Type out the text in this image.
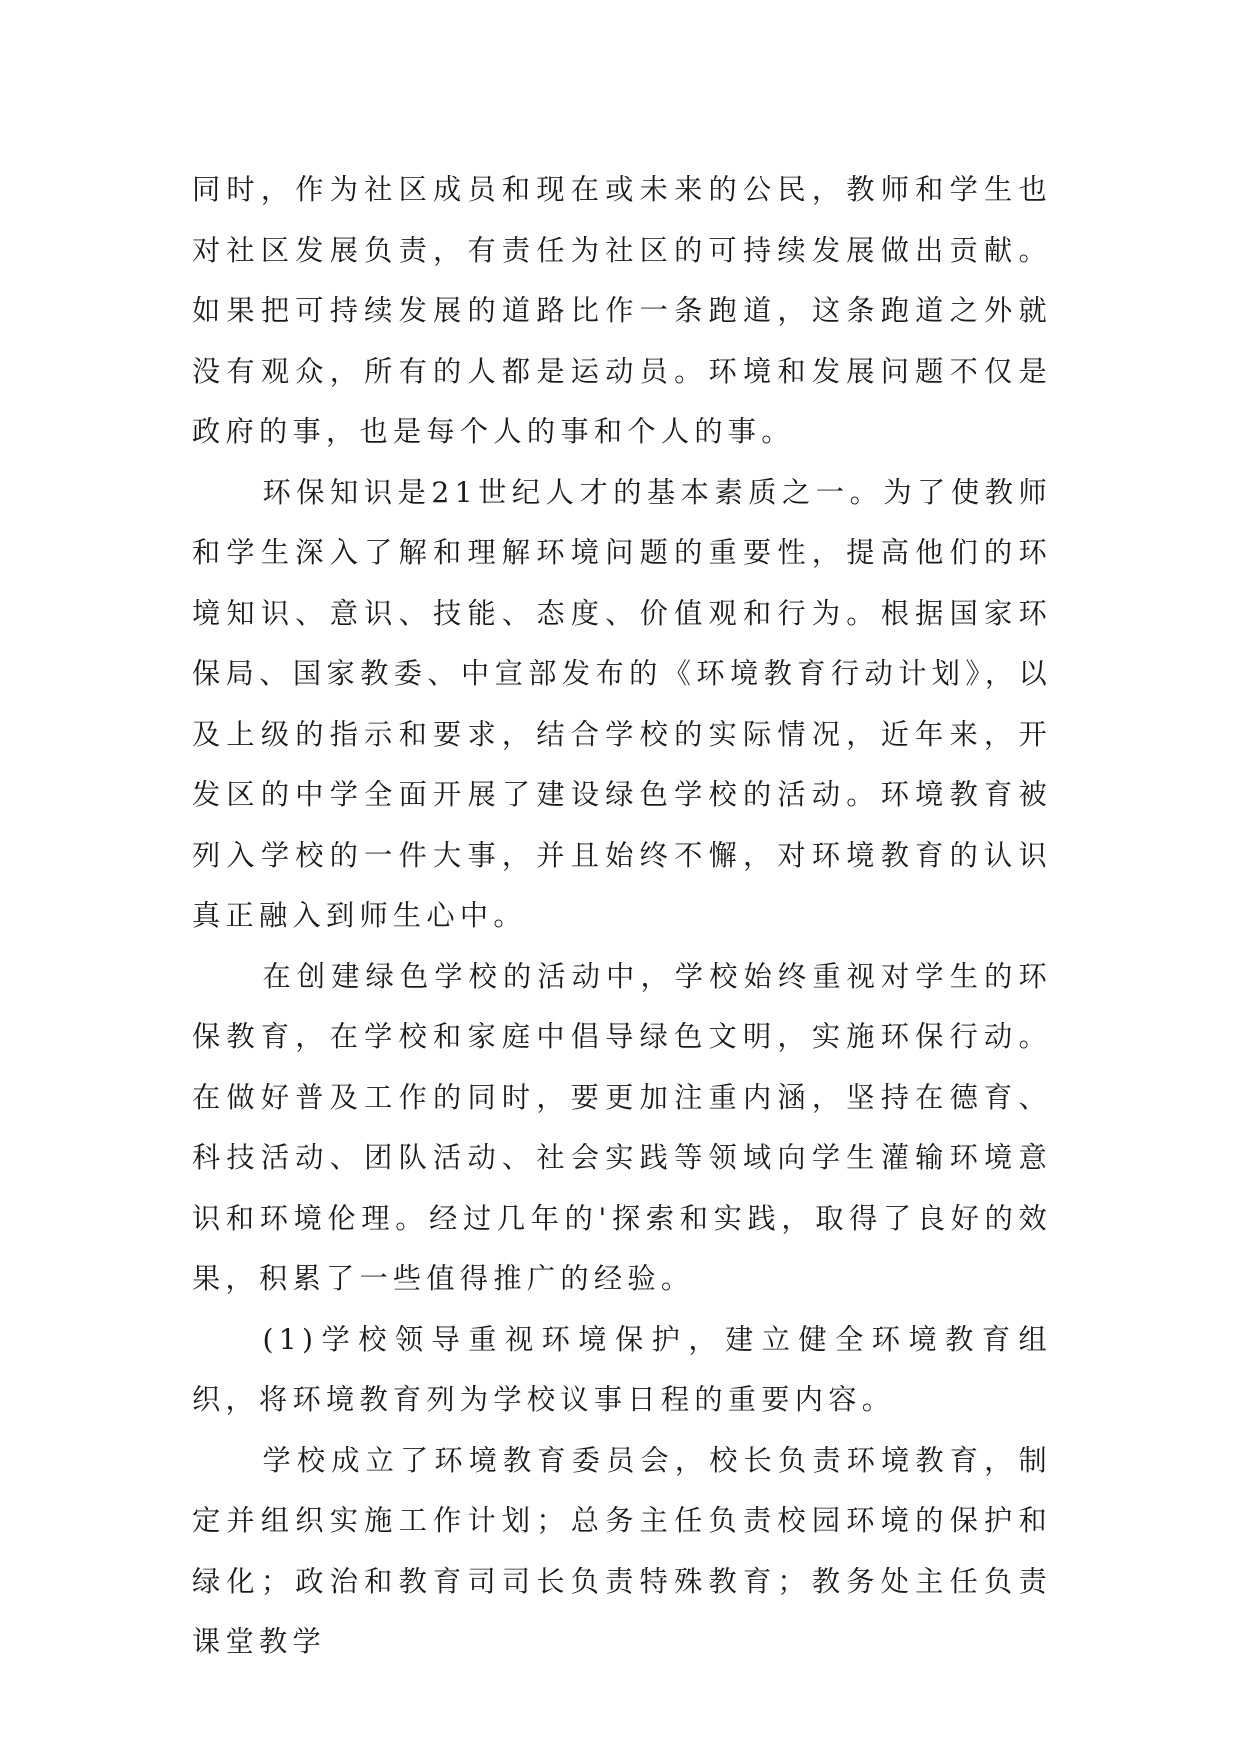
同时，作为社区成员和现在或未来的公民，教师和学生也对社区发展负责，有责任为社区的可持续发展做出贡献。如果把可持续发展的道路比作一条跑道，这条跑道之外就没有观众，所有的人都是运动员。环境和发展问题不仅是政府的事，也是每个人的事和个人的事。

环保知识是21世纪人才的基本素质之一。为了使教师和学生深入了解和理解环境问题的重要性，提高他们的环境知识、意识、技能、态度、价值观和行为。根据国家环保局、国家教委、中宣部发布的《环境教育行动计划》，以及上级的指示和要求，结合学校的实际情况，近年来，开发区的中学全面开展了建设绿色学校的活动。环境教育被列入学校的一件大事，并且始终不懈，对环境教育的认识真正融入到师生心中。

在创建绿色学校的活动中，学校始终重视对学生的环保教育，在学校和家庭中倡导绿色文明，实施环保行动。在做好普及工作的同时，要更加注重内涵，坚持在德育、科技活动、团队活动、社会实践等领域向学生灌输环境意识和环境伦理。经过几年的'探索和实践，取得了良好的效果，积累了一些值得推广的经验。

(1)学校领导重视环境保护，建立健全环境教育组织，将环境教育列为学校议事日程的重要内容。

学校成立了环境教育委员会，校长负责环境教育，制定并组织实施工作计划；总务主任负责校园环境的保护和绿化；政治和教育司司长负责特殊教育；教务处主任负责课堂教学
